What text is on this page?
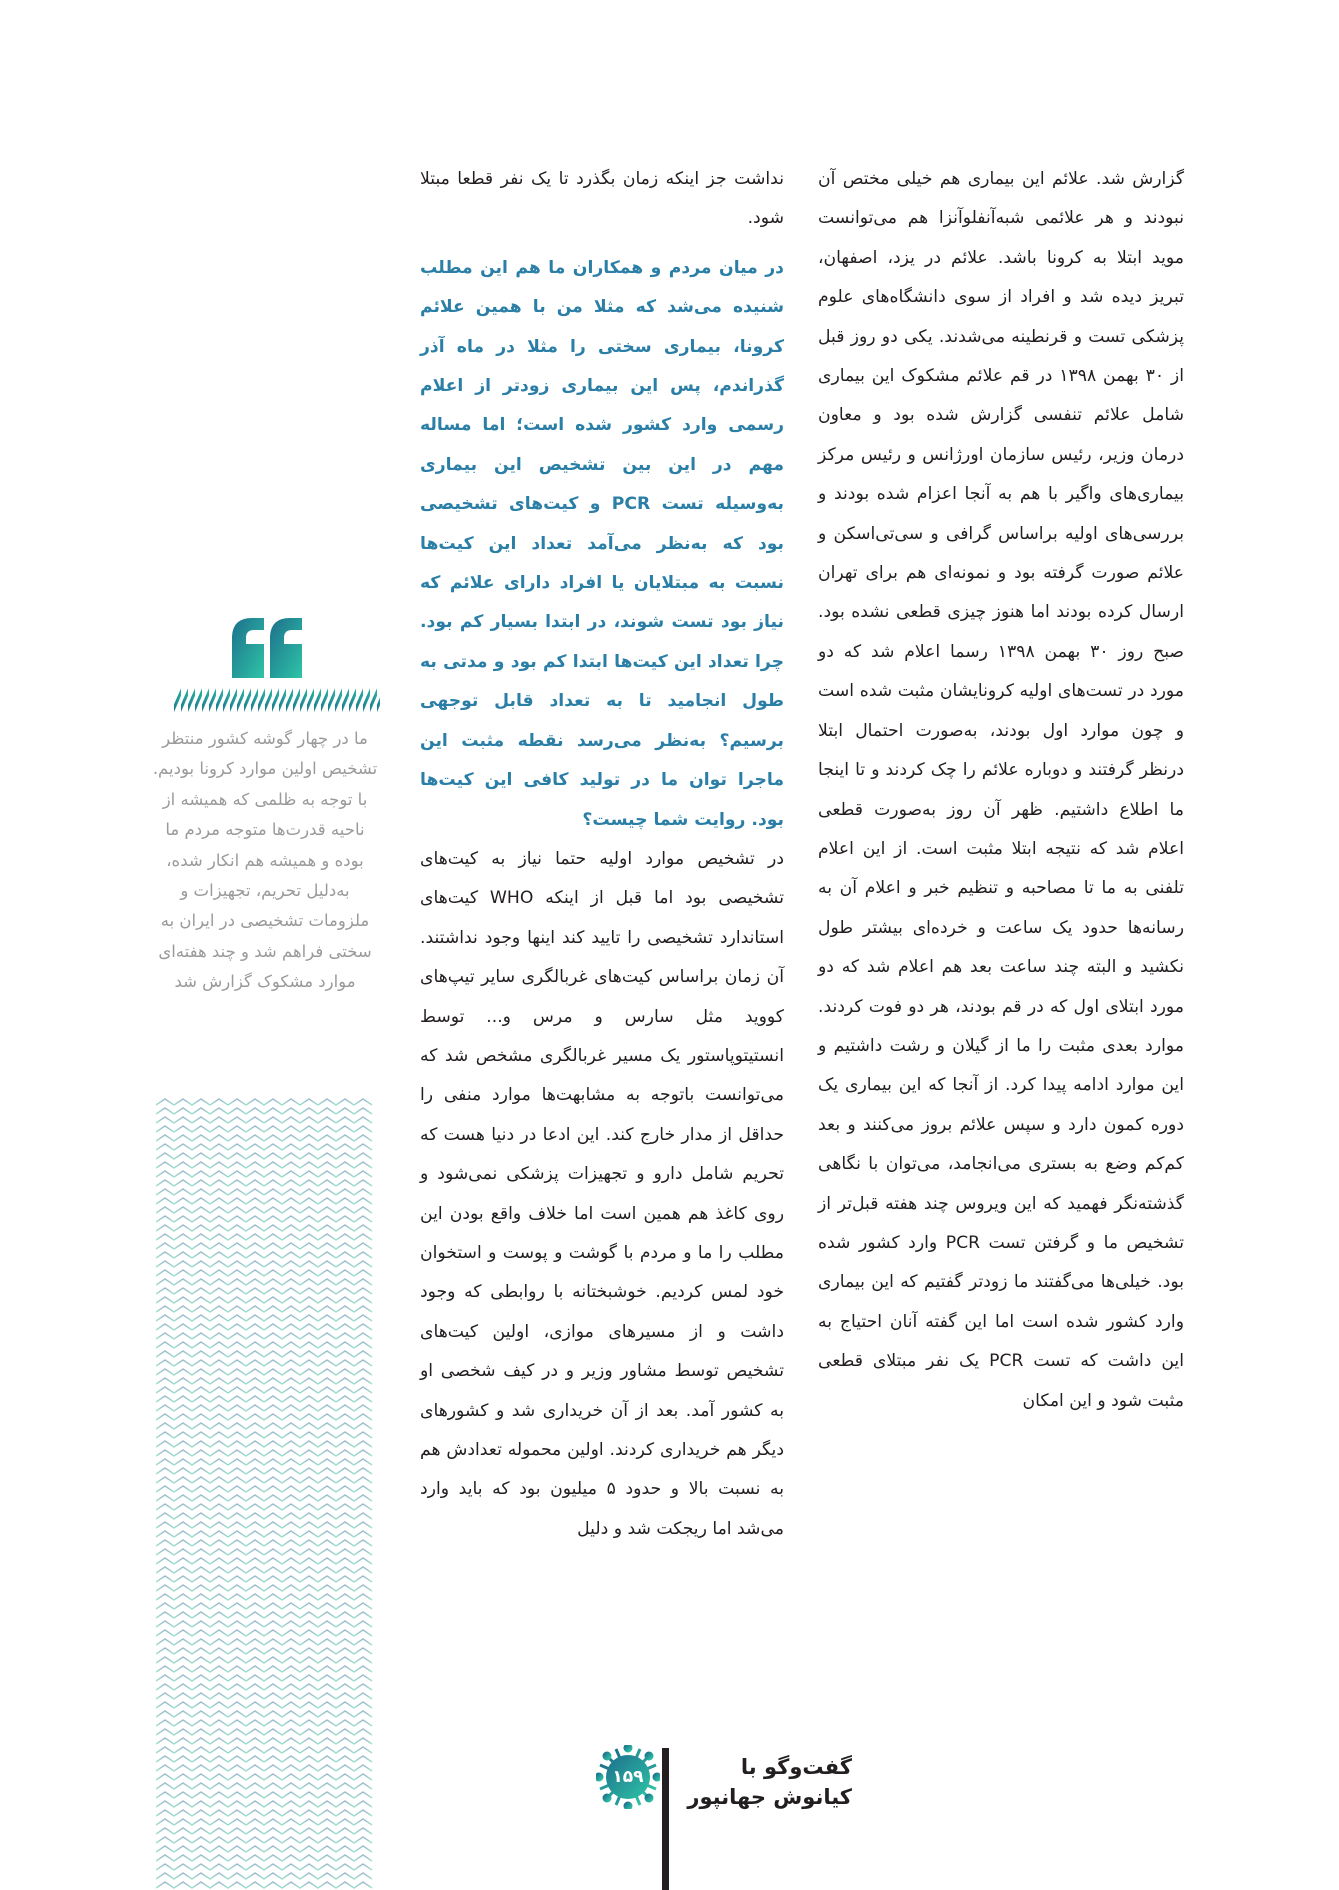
گزارش شد. علائم این بیماری هم خیلی مختص آن نبودند و هر علائمی شبه‌آنفلوآنزا هم می‌توانست موید ابتلا به کرونا باشد. علائم در یزد، اصفهان، تبریز دیده شد و افراد از سوی دانشگاه‌های علوم پزشکی تست و قرنطینه می‌شدند. یکی دو روز قبل از ۳۰ بهمن ۱۳۹۸ در قم علائم مشکوک این بیماری شامل علائم تنفسی گزارش شده بود و معاون درمان وزیر، رئیس سازمان اورژانس و رئیس مرکز بیماری‌های واگیر با هم به آنجا اعزام شده بودند و بررسی‌های اولیه براساس گرافی و سی‌تی‌اسکن و علائم صورت گرفته بود و نمونه‌ای هم برای تهران ارسال کرده بودند اما هنوز چیزی قطعی نشده بود. صبح روز ۳۰ بهمن ۱۳۹۸ رسما اعلام شد که دو مورد در تست‌های اولیه کرونایشان مثبت شده است و چون موارد اول بودند، به‌صورت احتمال ابتلا درنظر گرفتند و دوباره علائم را چک کردند و تا اینجا ما اطلاع داشتیم. ظهر آن روز به‌صورت قطعی اعلام شد که نتیجه ابتلا مثبت است. از این اعلام تلفنی به ما تا مصاحبه و تنظیم خبر و اعلام آن به رسانه‌ها حدود یک ساعت و خرده‌ای بیشتر طول نکشید و البته چند ساعت بعد هم اعلام شد که دو مورد ابتلای اول که در قم بودند، هر دو فوت کردند. موارد بعدی مثبت را ما از گیلان و رشت داشتیم و این موارد ادامه پیدا کرد. از آنجا که این بیماری یک دوره کمون دارد و سپس علائم بروز می‌کنند و بعد کم‌کم وضع به بستری می‌انجامد، می‌توان با نگاهی گذشته‌نگر فهمید که این ویروس چند هفته قبل‌تر از تشخیص ما و گرفتن تست PCR وارد کشور شده بود. خیلی‌ها می‌گفتند ما زودتر گفتیم که این بیماری وارد کشور شده است اما این گفته آنان احتیاج به این داشت که تست PCR یک نفر مبتلای قطعی مثبت شود و این امکان

نداشت جز اینکه زمان بگذرد تا یک نفر قطعا مبتلا شود.

در میان مردم و همکاران ما هم این مطلب شنیده می‌شد که مثلا من با همین علائم کرونا، بیماری سختی را مثلا در ماه آذر گذراندم، پس این بیماری زودتر از اعلام رسمی وارد کشور شده است؛ اما مساله مهم در این بین تشخیص این بیماری به‌وسیله تست PCR و کیت‌های تشخیصی بود که به‌نظر می‌آمد تعداد این کیت‌ها نسبت به مبتلایان یا افراد دارای علائم که نیاز بود تست شوند، در ابتدا بسیار کم بود. چرا تعداد این کیت‌ها ابتدا کم بود و مدتی به طول انجامید تا به تعداد قابل توجهی برسیم؟ به‌نظر می‌رسد نقطه مثبت این ماجرا توان ما در تولید کافی این کیت‌ها بود. روایت شما چیست؟

در تشخیص موارد اولیه حتما نیاز به کیت‌های تشخیصی بود اما قبل از اینکه WHO کیت‌های استاندارد تشخیصی را تایید کند اینها وجود نداشتند. آن زمان براساس کیت‌های غربالگری سایر تیپ‌های کووید مثل سارس و مرس و... توسط انستیتوپاستور یک مسیر غربالگری مشخص شد که می‌توانست باتوجه به مشابهت‌ها موارد منفی را حداقل از مدار خارج کند. این ادعا در دنیا هست که تحریم شامل دارو و تجهیزات پزشکی نمی‌شود و روی کاغذ هم همین است اما خلاف واقع بودن این مطلب را ما و مردم با گوشت و پوست و استخوان خود لمس کردیم. خوشبختانه با روابطی که وجود داشت و از مسیرهای موازی، اولین کیت‌های تشخیص توسط مشاور وزیر و در کیف شخصی او به کشور آمد. بعد از آن خریداری شد و کشورهای دیگر هم خریداری کردند. اولین محموله تعدادش هم به نسبت بالا و حدود ۵ میلیون بود که باید وارد می‌شد اما ریجکت شد و دلیل

ما در چهار گوشه کشور منتظر تشخیص اولین موارد کرونا بودیم. با توجه به ظلمی که همیشه از ناحیه قدرت‌ها متوجه مردم ما بوده و همیشه هم انکار شده، به‌دلیل تحریم، تجهیزات و ملزومات تشخیصی در ایران به سختی فراهم شد و چند هفته‌ای موارد مشکوک گزارش شد
۱۵۹	گفت‌وگو با
کیانوش جهانپور
